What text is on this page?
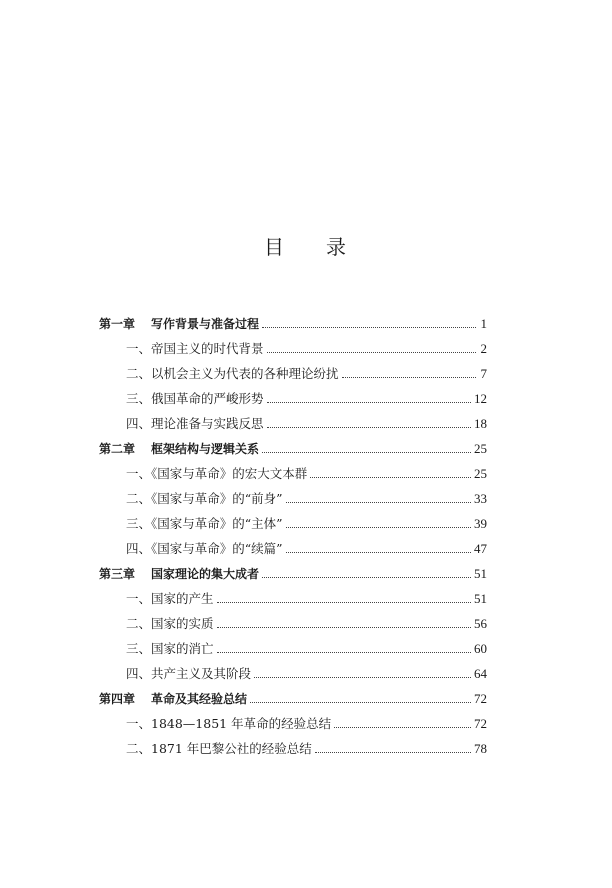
目 录
第一章	写作背景与准备过程	1
一、帝国主义的时代背景	2
二、以机会主义为代表的各种理论纷扰	7
三、俄国革命的严峻形势	12
四、理论准备与实践反思	18
第二章	框架结构与逻辑关系	25
一、《国家与革命》的宏大文本群	25
二、《国家与革命》的“前身”	33
三、《国家与革命》的“主体”	39
四、《国家与革命》的“续篇”	47
第三章	国家理论的集大成者	51
一、国家的产生	51
二、国家的实质	56
三、国家的消亡	60
四、共产主义及其阶段	64
第四章	革命及其经验总结	72
一、1848—1851 年革命的经验总结	72
二、1871 年巴黎公社的经验总结	78
